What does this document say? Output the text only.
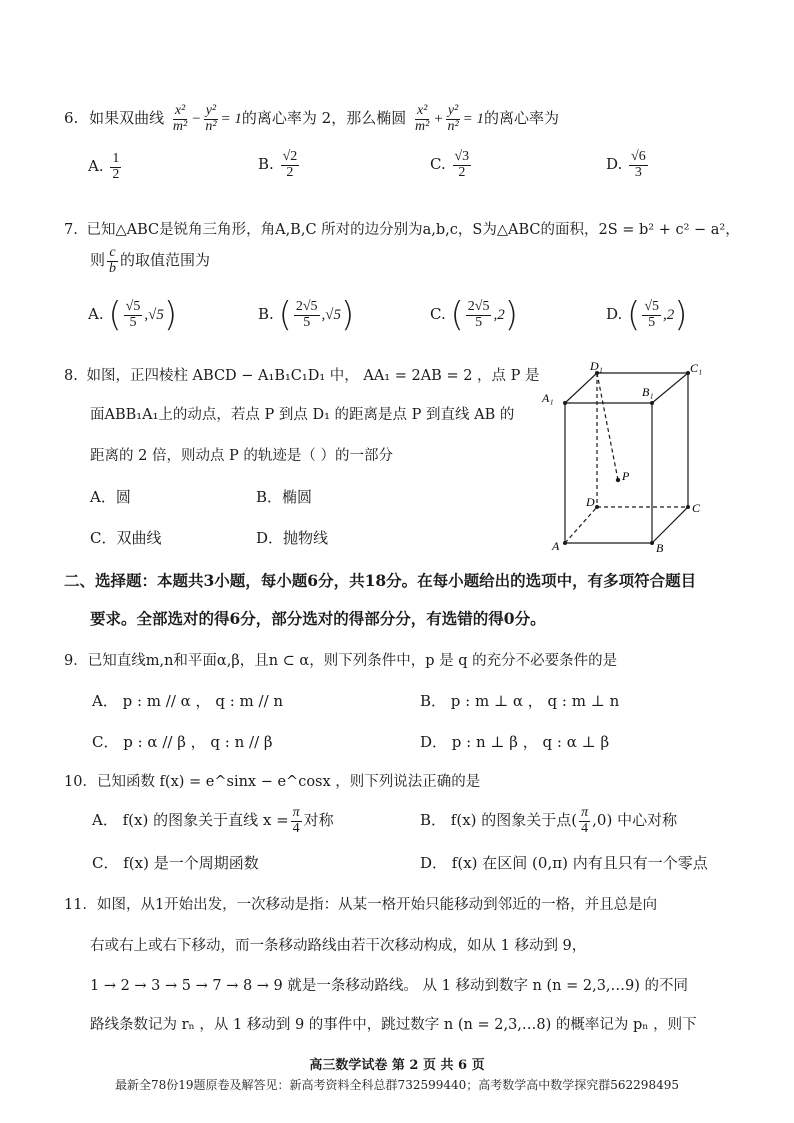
6. 如果双曲线 $\frac{\text{x²}}{\text{m²}} - \frac{\text{y²}}{\text{n²}} = 1$的离心率为 2，那么椭圆 $\frac{\text{x²}}{\text{m²}} + \frac{\text{y²}}{\text{n²}} = 1$的离心率为
A. $\frac{1}{2}$	B. $\frac{√2}{2}$	C. $\frac{√3}{2}$	D. $\frac{√6}{3}$
7. 已知△ABC是锐角三角形，角A,B,C 所对的边分别为a,b,c，S为△ABC的面积，2S = b² + c² − a²，
则 $\frac{c}{b}$ 的取值范围为
A. ( $\frac{√5}{5} ,√5$)	B. ( $\frac{2√5}{5} ,√5$)	C. ( $\frac{2√5}{5} ,2$)	D. ( $\frac{√5}{5} ,2$)
8. 如图，正四棱柱 ABCD − A₁B₁C₁D₁ 中， AA₁ = 2AB = 2 ，点 P 是
面ABB₁A₁上的动点，若点 P 到点 D₁ 的距离是点 P 到直线 AB 的
距离的 2 倍，则动点 P 的轨迹是（ ）的一部分
A．圆	B．椭圆
C．双曲线	D．抛物线
D₁	C₁
A₁	B₁
P
D	C
A	B
二、选择题：本题共3小题，每小题6分，共18分。在每小题给出的选项中，有多项符合题目
要求。全部选对的得6分，部分选对的得部分分，有选错的得0分。
9．已知直线m,n和平面α,β，且n ⊂ α，则下列条件中，p 是 q 的充分不必要条件的是
A． p : m // α ， q : m // n	B． p : m ⊥ α ， q : m ⊥ n
C． p : α // β ， q : n // β	D． p : n ⊥ β ， q : α ⊥ β
10．已知函数 f(x) = e^sinx − e^cosx ，则下列说法正确的是
A． f(x) 的图象关于直线 $x = \frac{\pi}{4}$ 对称	B． f(x) 的图象关于点( $\frac{\pi}{4} ,0$) 中心对称
C． f(x) 是一个周期函数	D． f(x) 在区间 (0,π) 内有且只有一个零点
11．如图，从1开始出发，一次移动是指：从某一格开始只能移动到邻近的一格，并且总是向
右或右上或右下移动，而一条移动路线由若干次移动构成，如从 1 移动到 9，
1 → 2 → 3 → 5 → 7 → 8 → 9 就是一条移动路线。 从 1 移动到数字 n (n = 2,3,…9) 的不同
路线条数记为 rₙ ，从 1 移动到 9 的事件中，跳过数字 n (n = 2,3,…8) 的概率记为 pₙ ，则下
高三数学试卷 第 2 页 共 6 页
最新全78份19题原卷及解答见：新高考资料全科总群732599440；高考数学高中数学探究群562298495
